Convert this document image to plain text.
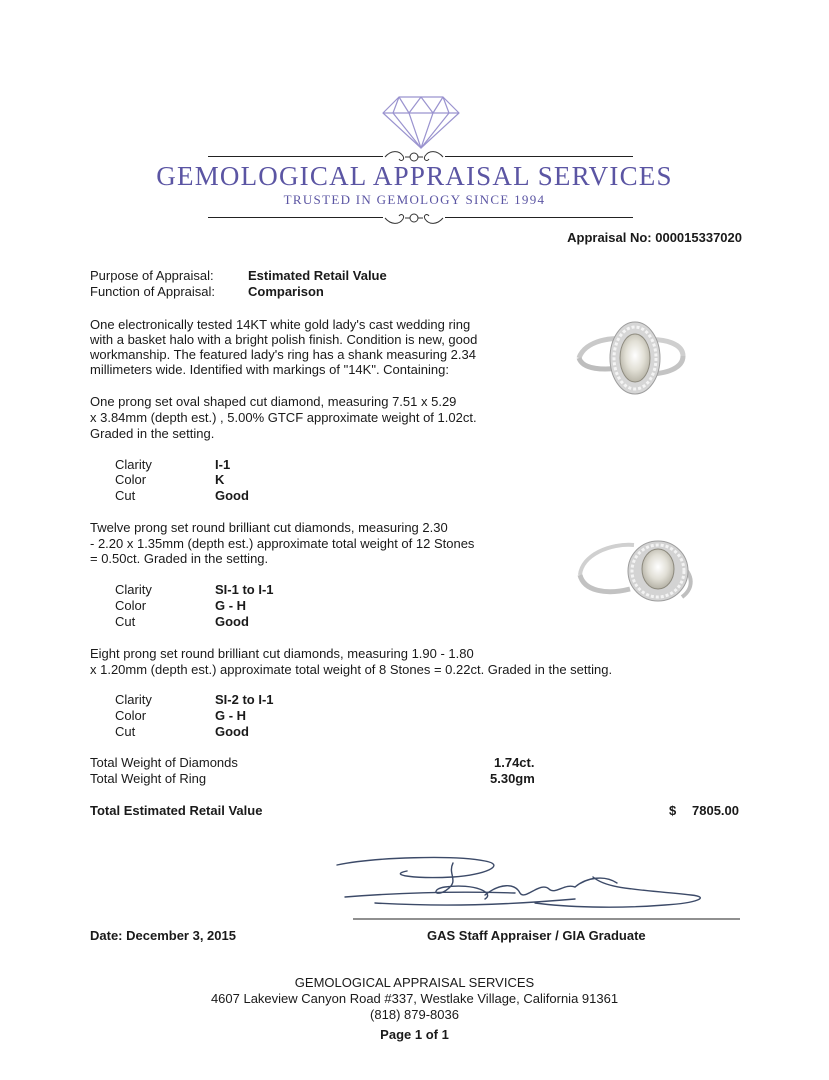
GEMOLOGICAL APPRAISAL SERVICES
TRUSTED IN GEMOLOGY SINCE 1994
Appraisal No: 000015337020
Purpose of Appraisal:	Estimated Retail Value
Function of Appraisal:	Comparison
One electronically tested 14KT white gold lady's cast wedding ring
with a basket halo with a bright polish finish. Condition is new, good
workmanship. The featured lady's ring has a shank measuring 2.34
millimeters wide. Identified with markings of "14K". Containing:
One prong set oval shaped cut diamond, measuring 7.51 x 5.29
x 3.84mm (depth est.) , 5.00% GTCF approximate weight of 1.02ct.
Graded in the setting.
Clarity	I-1
Color	K
Cut	Good
Twelve prong set round brilliant cut diamonds, measuring 2.30
- 2.20 x 1.35mm (depth est.) approximate total weight of 12 Stones
= 0.50ct. Graded in the setting.
Clarity	SI-1 to I-1
Color	G - H
Cut	Good
Eight prong set round brilliant cut diamonds, measuring 1.90 - 1.80
x 1.20mm (depth est.) approximate total weight of 8 Stones = 0.22ct. Graded in the setting.
Clarity	SI-2 to I-1
Color	G - H
Cut	Good
Total Weight of Diamonds	1.74ct.
Total Weight of Ring	5.30gm
Total Estimated Retail Value	$ 7805.00
Date: December 3, 2015	GAS Staff Appraiser / GIA Graduate
GEMOLOGICAL APPRAISAL SERVICES
4607 Lakeview Canyon Road #337, Westlake Village, California 91361
(818) 879-8036
Page 1 of 1
